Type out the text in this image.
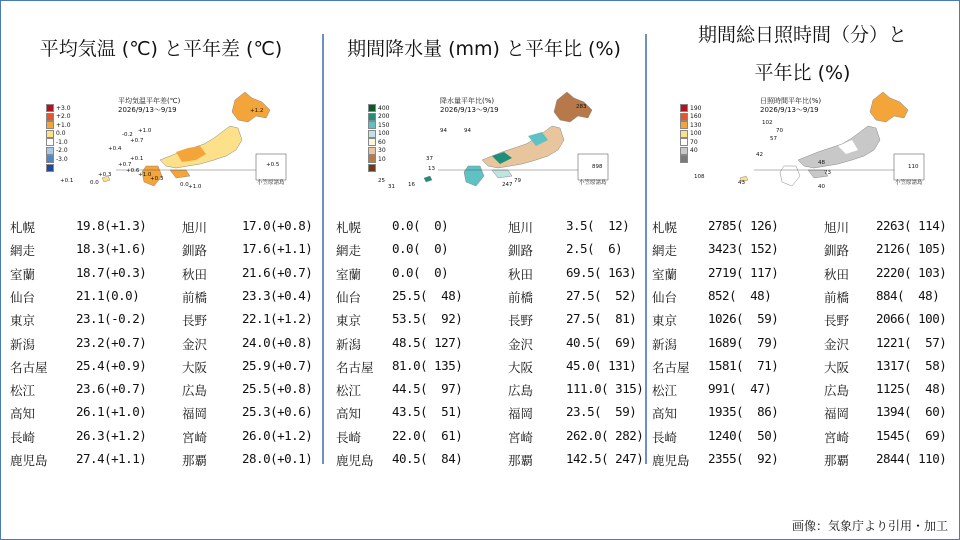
平均気温 (℃) と平年差 (℃)
+3.0
+2.0
+1.0
0.0
-1.0
-2.0
-3.0
平均気温平年差(℃)
2026/9/13～9/19	+1.2
-0.2
+1.0
+0.7
+0.4
+0.1
+0.7
+0.6
+1.0
+0.3
+0.1	0.0
+0.3
0.0 +1.0
+0.5
小笠原諸島
札幌	19.8(+1.3)	旭川	17.0(+0.8)
網走	18.3(+1.6)	釧路	17.6(+1.1)
室蘭	18.7(+0.3)	秋田	21.6(+0.7)
仙台	21.1(0.0)	前橋	23.3(+0.4)
東京	23.1(-0.2)	長野	22.1(+1.2)
新潟	23.2(+0.7)	金沢	24.0(+0.8)
名古屋 25.4(+0.9)	大阪	25.9(+0.7)
松江	23.6(+0.7)	広島	25.5(+0.8)
高知	26.1(+1.0)	福岡	25.3(+0.6)
長崎	26.3(+1.2)	宮崎	26.0(+1.2)
鹿児島 27.4(+1.1)	那覇	28.0(+0.1)
期間降水量 (mm) と平年比 (%)
400
200
150
100
60
30
10
降水量平年比(%)
2026/9/13～9/19	283
94	94
37
13
25
16
31	247
79
898
小笠原諸島
札幌 0.0(  0)	旭川	3.5(  12)
網走 0.0(  0)	釧路	2.5(  6)
室蘭 0.0(  0)	秋田	69.5( 163)
仙台 25.5(  48)	前橋	27.5(  52)
東京 53.5(  92)	長野	27.5(  81)
新潟 48.5( 127)	金沢	40.5(  69)
名古屋 81.0( 135)	大阪	45.0( 131)
松江 44.5(  97)	広島	111.0( 315)
高知 43.5(  51)	福岡	23.5(  59)
長崎 22.0(  61)	宮崎	262.0( 282)
鹿児島 40.5(  84)	那覇	142.5( 247)
期間総日照時間（分）と
平年比 (%)
190
160
130
100
70
40
日照時間平年比(%)
2026/9/13～9/19
102
70
57
42
48
73
108
43
40
110
小笠原諸島
札幌 2785( 126)	旭川 2263( 114)
網走 3423( 152)	釧路 2126( 105)
室蘭 2719( 117)	秋田 2220( 103)
仙台 852(  48)	前橋 884(  48)
東京 1026(  59)	長野 2066( 100)
新潟 1689(  79)	金沢 1221(  57)
名古屋 1581(  71)	大阪 1317(  58)
松江 991(  47)	広島 1125(  48)
高知 1935(  86)	福岡 1394(  60)
長崎 1240(  50)	宮崎 1545(  69)
鹿児島 2355(  92)	那覇 2844( 110)
画像：気象庁より引用・加工
